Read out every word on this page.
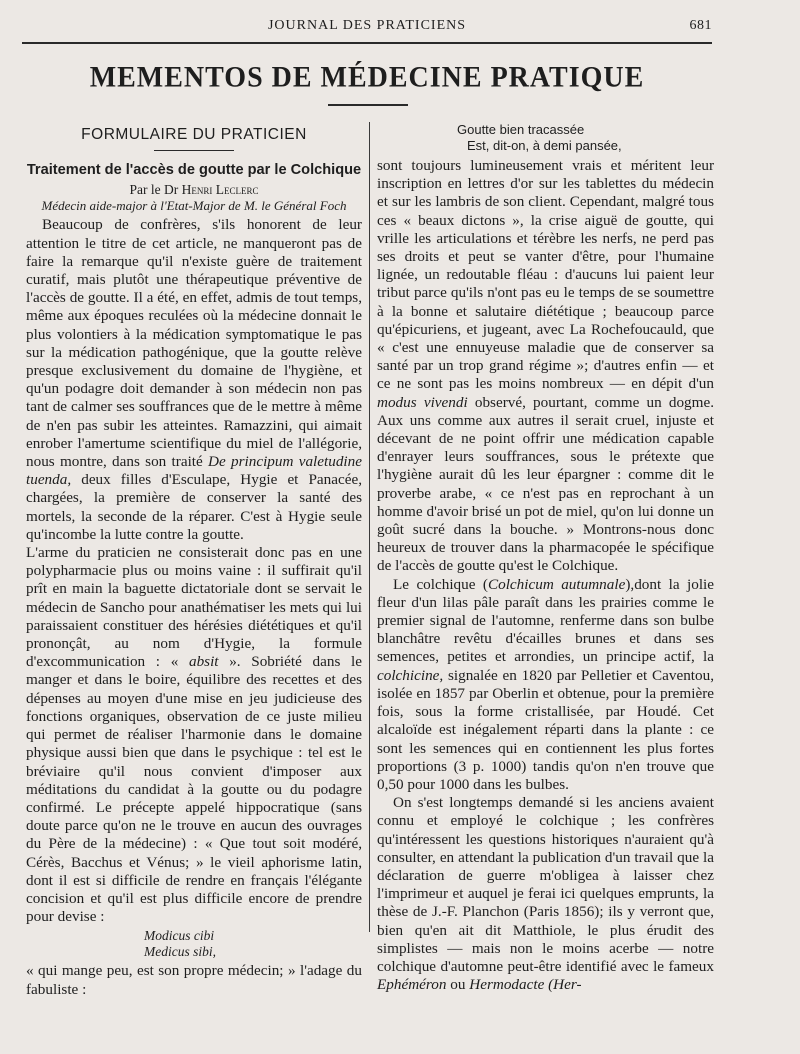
JOURNAL DES PRATICIENS	681
MEMENTOS DE MÉDECINE PRATIQUE
FORMULAIRE DU PRATICIEN
Traitement de l'accès de goutte par le Colchique
Par le Dr Henri Leclerc
Médecin aide-major à l'Etat-Major de M. le Général Foch

Beaucoup de confrères, s'ils honorent de leur attention le titre de cet article, ne manqueront pas de faire la remarque qu'il n'existe guère de traitement curatif, mais plutôt une thérapeutique préventive de l'accès de goutte. Il a été, en effet, admis de tout temps, même aux époques reculées où la médecine donnait le plus volontiers à la médication symptomatique le pas sur la médication pathogénique, que la goutte relève presque exclusivement du domaine de l'hygiène, et qu'un podagre doit demander à son médecin non pas tant de calmer ses souffrances que de le mettre à même de n'en pas subir les atteintes. Ramazzini, qui aimait enrober l'amertume scientifique du miel de l'allégorie, nous montre, dans son traité De principum valetudine tuenda, deux filles d'Esculape, Hygie et Panacée, chargées, la première de conserver la santé des mortels, la seconde de la réparer. C'est à Hygie seule qu'incombe la lutte contre la goutte.

L'arme du praticien ne consisterait donc pas en une polypharmacie plus ou moins vaine : il suffirait qu'il prît en main la baguette dictatoriale dont se servait le médecin de Sancho pour anathématiser les mets qui lui paraissaient constituer des hérésies diététiques et qu'il prononçât, au nom d'Hygie, la formule d'excommunication : « absit ». Sobriété dans le manger et dans le boire, équilibre des recettes et des dépenses au moyen d'une mise en jeu judicieuse des fonctions organiques, observation de ce juste milieu qui permet de réaliser l'harmonie dans le domaine physique aussi bien que dans le psychique : tel est le bréviaire qu'il nous convient d'imposer aux méditations du candidat à la goutte ou du podagre confirmé. Le précepte appelé hippocratique (sans doute parce qu'on ne le trouve en aucun des ouvrages du Père de la médecine) : « Que tout soit modéré, Cérès, Bacchus et Vénus; » le vieil aphorisme latin, dont il est si difficile de rendre en français l'élégante concision et qu'il est plus difficile encore de prendre pour devise :

Modicus cibi
Medicus sibi,

« qui mange peu, est son propre médecin; » l'adage du fabuliste :

Goutte bien tracassée
Est, dit-on, à demi pansée,

sont toujours lumineusement vrais et méritent leur inscription en lettres d'or sur les tablettes du médecin et sur les lambris de son client. Cependant, malgré tous ces « beaux dictons », la crise aiguë de goutte, qui vrille les articulations et térèbre les nerfs, ne perd pas ses droits et peut se vanter d'être, pour l'humaine lignée, un redoutable fléau : d'aucuns lui paient leur tribut parce qu'ils n'ont pas eu le temps de se soumettre à la bonne et salutaire diététique ; beaucoup parce qu'épicuriens, et jugeant, avec La Rochefoucauld, que « c'est une ennuyeuse maladie que de conserver sa santé par un trop grand régime »; d'autres enfin — et ce ne sont pas les moins nombreux — en dépit d'un modus vivendi observé, pourtant, comme un dogme. Aux uns comme aux autres il serait cruel, injuste et décevant de ne point offrir une médication capable d'enrayer leurs souffrances, sous le prétexte que l'hygiène aurait dû les leur épargner : comme dit le proverbe arabe, « ce n'est pas en reprochant à un homme d'avoir brisé un pot de miel, qu'on lui donne un goût sucré dans la bouche. » Montrons-nous donc heureux de trouver dans la pharmacopée le spécifique de l'accès de goutte qu'est le Colchique.

Le colchique (Colchicum autumnale),dont la jolie fleur d'un lilas pâle paraît dans les prairies comme le premier signal de l'automne, renferme dans son bulbe blanchâtre revêtu d'écailles brunes et dans ses semences, petites et arrondies, un principe actif, la colchicine, signalée en 1820 par Pelletier et Caventou, isolée en 1857 par Oberlin et obtenue, pour la première fois, sous la forme cristallisée, par Houdé. Cet alcaloïde est inégalement réparti dans la plante : ce sont les semences qui en contiennent les plus fortes proportions (3 p. 1000) tandis qu'on n'en trouve que 0,50 pour 1000 dans les bulbes.

On s'est longtemps demandé si les anciens avaient connu et employé le colchique ; les confrères qu'intéressent les questions historiques n'auraient qu'à consulter, en attendant la publication d'un travail que la déclaration de guerre m'obligea à laisser chez l'imprimeur et auquel je ferai ici quelques emprunts, la thèse de J.-F. Planchon (Paris 1856); ils y verront que, bien qu'en ait dit Matthiole, le plus érudit des simplistes — mais non le moins acerbe — notre colchique d'automne peut-être identifié avec le fameux Ephéméron ou Hermodacte (Her-
